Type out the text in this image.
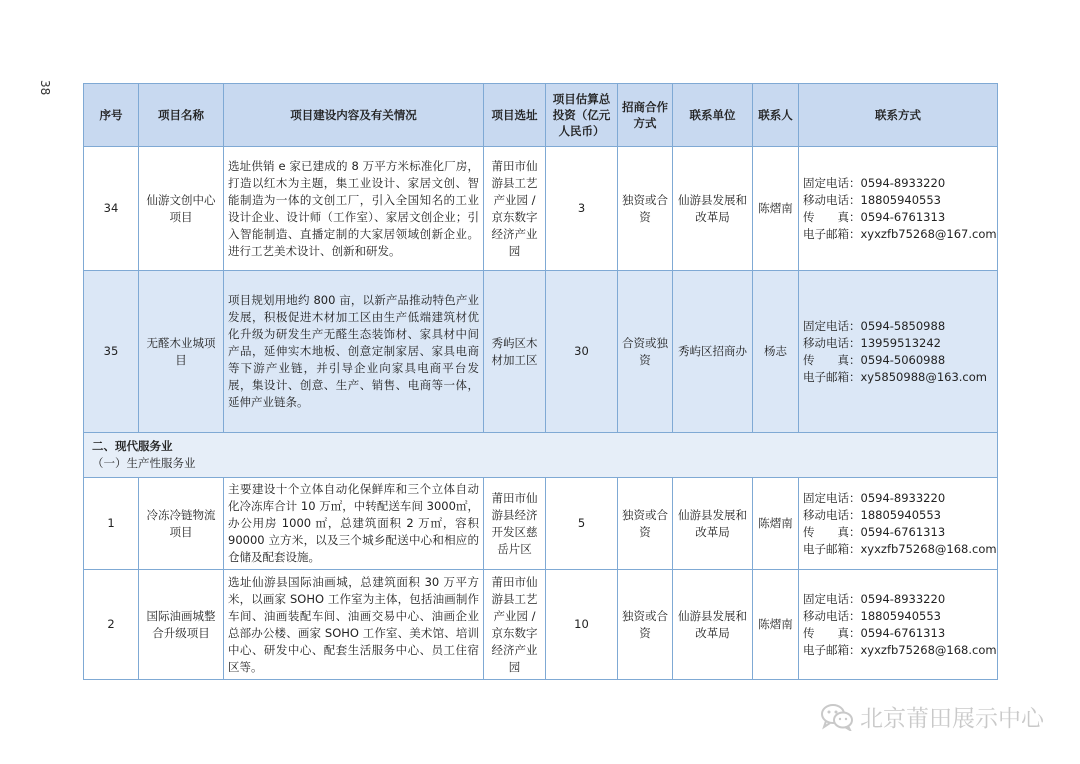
38
序号	项目名称	项目建设内容及有关情况	项目选址	项目估算总投资（亿元人民币）	招商合作方式	联系单位	联系人	联系方式
34	仙游文创中心项目	选址供销 e 家已建成的 8 万平方米标准化厂房，打造以红木为主题，集工业设计、家居文创、智能制造为一体的文创工厂，引入全国知名的工业设计企业、设计师（工作室）、家居文创企业；引入智能制造、直播定制的大家居领域创新企业。进行工艺美术设计、创新和研发。	莆田市仙游县工艺产业园 / 京东数字经济产业园	3	独资或合资	仙游县发展和改革局	陈熠南	固定电话：0594-8933220
移动电话：18805940553
传　　真：0594-6761313
电子邮箱：xyxzfb75268@167.com

35	无醛木业城项目	项目规划用地约 800 亩，以新产品推动特色产业发展，积极促进木材加工区由生产低端建筑材优化升级为研发生产无醛生态装饰材、家具材中间产品，延伸实木地板、创意定制家居、家具电商等下游产业链，并引导企业向家具电商平台发展，集设计、创意、生产、销售、电商等一体，延伸产业链条。	秀屿区木材加工区	30	合资或独资	秀屿区招商办	杨志	固定电话：0594-5850988
移动电话：13959513242
传　　真：0594-5060988
电子邮箱：xy5850988@163.com

二、现代服务业
（一）生产性服务业								

1	冷冻冷链物流项目	主要建设十个立体自动化保鲜库和三个立体自动化冷冻库合计 10 万㎡，中转配送车间 3000㎡，办公用房 1000 ㎡，总建筑面积 2 万㎡，容积 90000 立方米，以及三个城乡配送中心和相应的仓储及配套设施。	莆田市仙游县经济开发区慈岳片区	5	独资或合资	仙游县发展和改革局	陈熠南	固定电话：0594-8933220
移动电话：18805940553
传　　真：0594-6761313
电子邮箱：xyxzfb75268@168.com

2	国际油画城整合升级项目	选址仙游县国际油画城，总建筑面积 30 万平方米，以画家 SOHO 工作室为主体，包括油画制作车间、油画装配车间、油画交易中心、油画企业总部办公楼、画家 SOHO 工作室、美术馆、培训中心、研发中心、配套生活服务中心、员工住宿区等。	莆田市仙游县工艺产业园 / 京东数字经济产业园	10	独资或合资	仙游县发展和改革局	陈熠南	固定电话：0594-8933220
移动电话：18805940553
传　　真：0594-6761313
电子邮箱：xyxzfb75268@168.com
北京莆田展示中心
